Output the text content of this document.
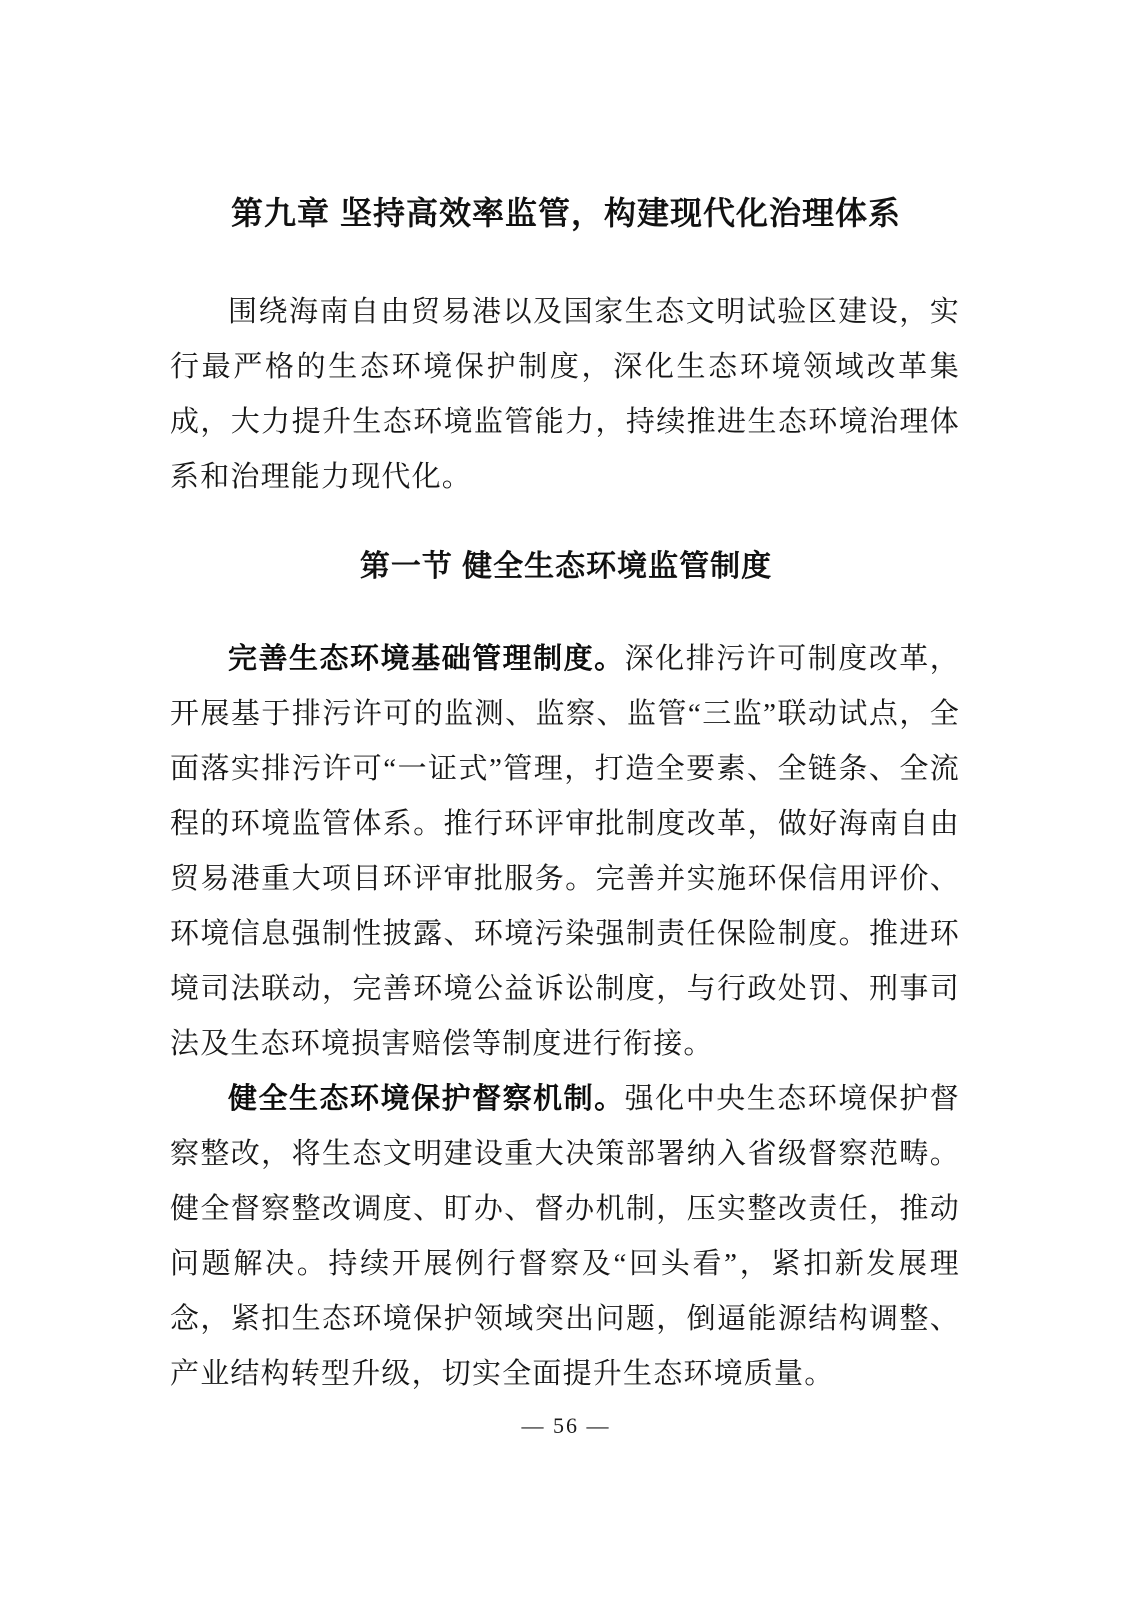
第九章 坚持高效率监管，构建现代化治理体系

围绕海南自由贸易港以及国家生态文明试验区建设，实行最严格的生态环境保护制度，深化生态环境领域改革集成，大力提升生态环境监管能力，持续推进生态环境治理体系和治理能力现代化。

第一节 健全生态环境监管制度

完善生态环境基础管理制度。深化排污许可制度改革，开展基于排污许可的监测、监察、监管“三监”联动试点，全面落实排污许可“一证式”管理，打造全要素、全链条、全流程的环境监管体系。推行环评审批制度改革，做好海南自由贸易港重大项目环评审批服务。完善并实施环保信用评价、环境信息强制性披露、环境污染强制责任保险制度。推进环境司法联动，完善环境公益诉讼制度，与行政处罚、刑事司法及生态环境损害赔偿等制度进行衔接。

健全生态环境保护督察机制。强化中央生态环境保护督察整改，将生态文明建设重大决策部署纳入省级督察范畴。健全督察整改调度、盯办、督办机制，压实整改责任，推动问题解决。持续开展例行督察及“回头看”，紧扣新发展理念，紧扣生态环境保护领域突出问题，倒逼能源结构调整、产业结构转型升级，切实全面提升生态环境质量。

— 56 —
